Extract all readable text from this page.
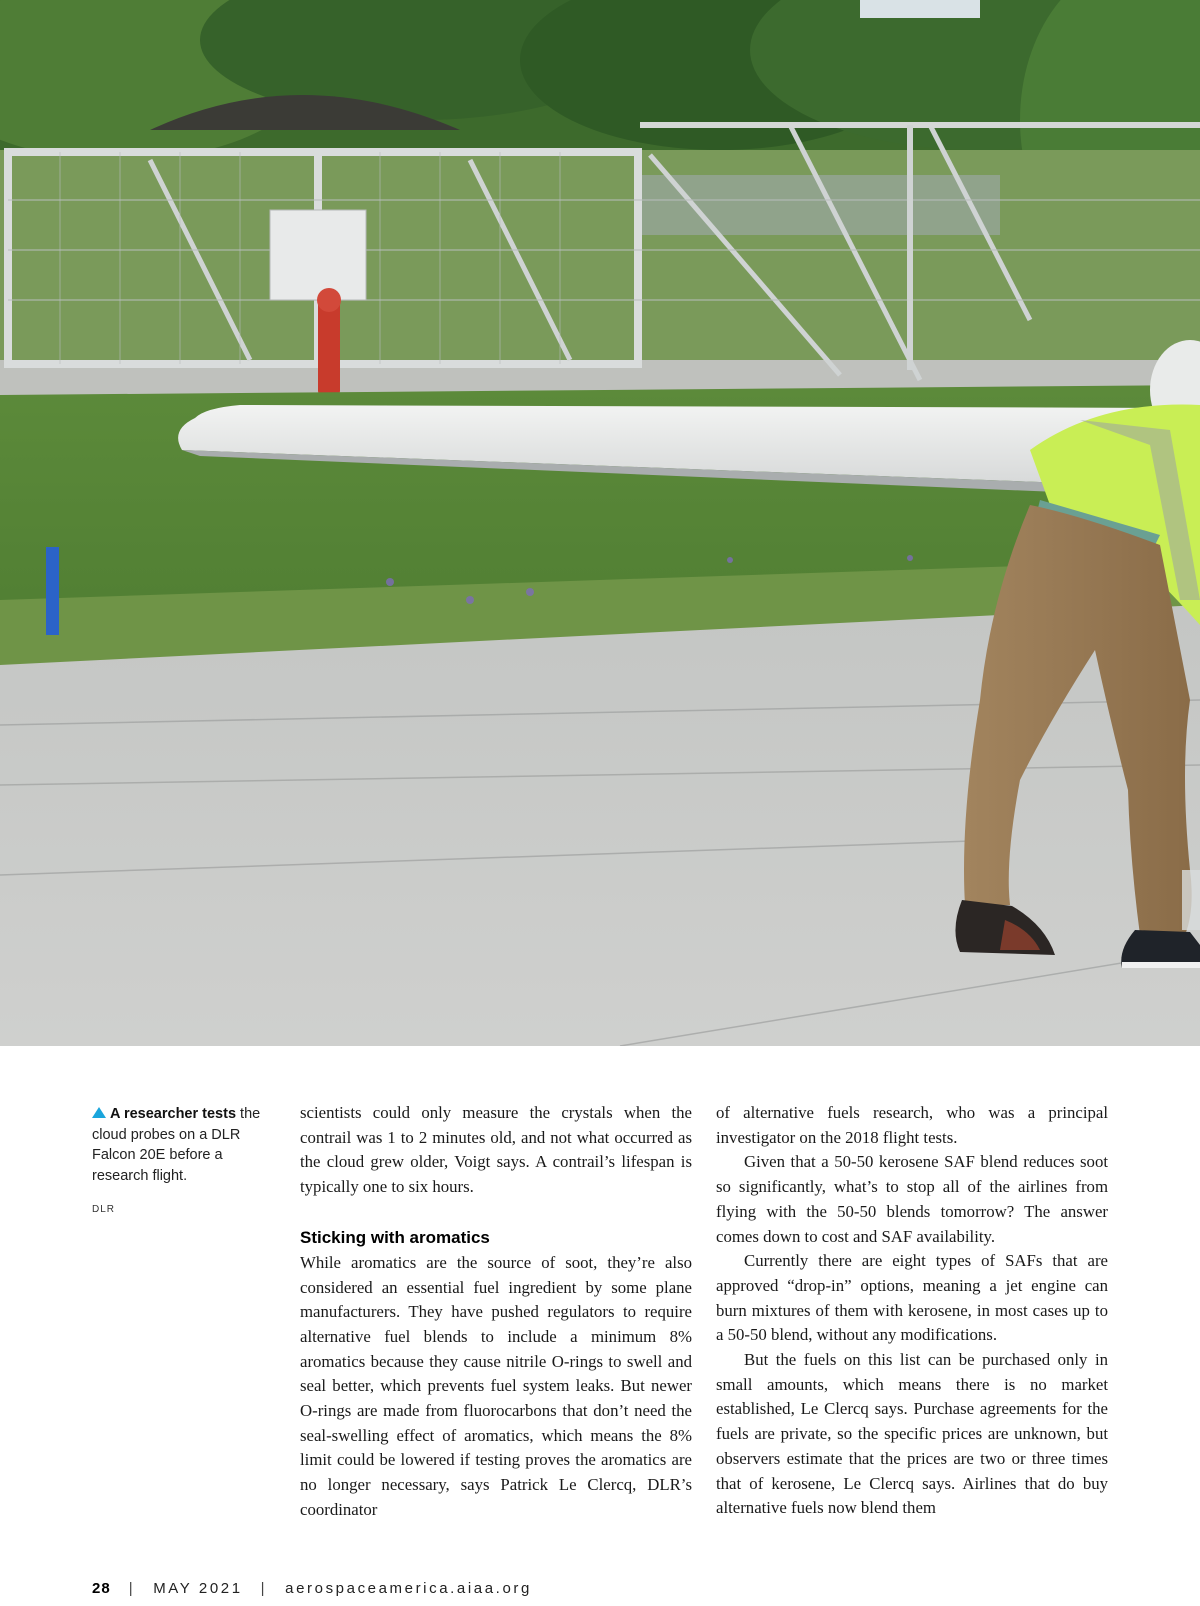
A researcher tests the cloud probes on a DLR Falcon 20E before a research flight.
DLR

scientists could only measure the crystals when the contrail was 1 to 2 minutes old, and not what occurred as the cloud grew older, Voigt says. A contrail’s lifespan is typically one to six hours.

Sticking with aromatics

While aromatics are the source of soot, they’re also considered an essential fuel ingredient by some plane manufacturers. They have pushed regulators to require alternative fuel blends to include a minimum 8% aromatics because they cause nitrile O-rings to swell and seal better, which prevents fuel system leaks. But newer O-rings are made from fluorocarbons that don’t need the seal-swelling effect of aromatics, which means the 8% limit could be lowered if testing proves the aromatics are no longer necessary, says Patrick Le Clercq, DLR’s coordinator

of alternative fuels research, who was a principal investigator on the 2018 flight tests.

Given that a 50-50 kerosene SAF blend reduces soot so significantly, what’s to stop all of the airlines from flying with the 50-50 blends tomorrow? The answer comes down to cost and SAF availability.

Currently there are eight types of SAFs that are approved “drop-in” options, meaning a jet engine can burn mixtures of them with kerosene, in most cases up to a 50-50 blend, without any modifications.

But the fuels on this list can be purchased only in small amounts, which means there is no market established, Le Clercq says. Purchase agreements for the fuels are private, so the specific prices are unknown, but observers estimate that the prices are two or three times that of kerosene, Le Clercq says. Airlines that do buy alternative fuels now blend them

28 | MAY 2021 | aerospaceamerica.aiaa.org
